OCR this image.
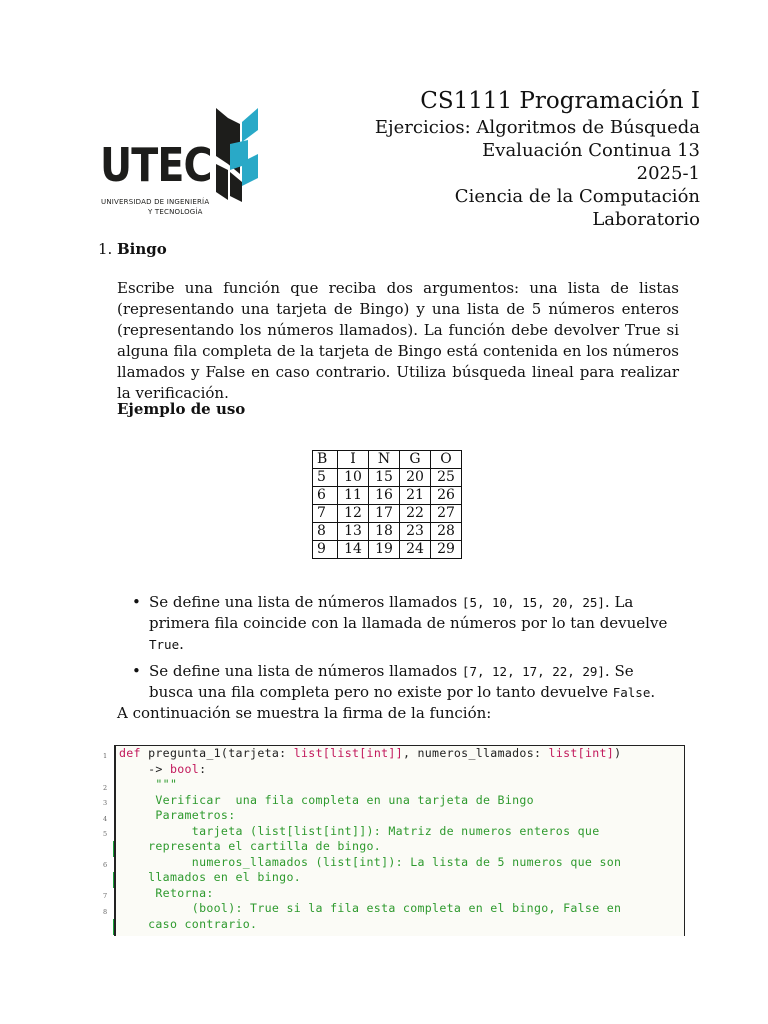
UTEC
UNIVERSIDAD DE INGENIERÍA
Y TECNOLOGÍA
CS1111 Programación I
Ejercicios: Algoritmos de Búsqueda
Evaluación Continua 13
2025-1
Ciencia de la Computación
Laboratorio
1. Bingo
Escribe una función que reciba dos argumentos: una lista de listas (representando una tarjeta de Bingo) y una lista de 5 números enteros (representando los números llamados). La función debe devolver True si alguna fila completa de la tarjeta de Bingo está contenida en los números llamados y False en caso contrario. Utiliza búsqueda lineal para realizar la verificación.
Ejemplo de uso
B	I	N	G	O
5	10	15	20	25
6	11	16	21	26
7	12	17	22	27
8	13	18	23	28
9	14	19	24	29
• Se define una lista de números llamados [5, 10, 15, 20, 25]. La primera fila coincide con la llamada de números por lo tan devuelve True.
• Se define una lista de números llamados [7, 12, 17, 22, 29]. Se busca una fila completa pero no existe por lo tanto devuelve False.
A continuación se muestra la firma de la función:
1
2
3
4
5
6
7
8
def pregunta_1(tarjeta: list[list[int]], numeros_llamados: list[int])
-> bool:
"""
Verificar  una fila completa en una tarjeta de Bingo
Parametros:
tarjeta (list[list[int]]): Matriz de numeros enteros que
representa el cartilla de bingo.
numeros_llamados (list[int]): La lista de 5 numeros que son
llamados en el bingo.
Retorna:
(bool): True si la fila esta completa en el bingo, False en
caso contrario.
